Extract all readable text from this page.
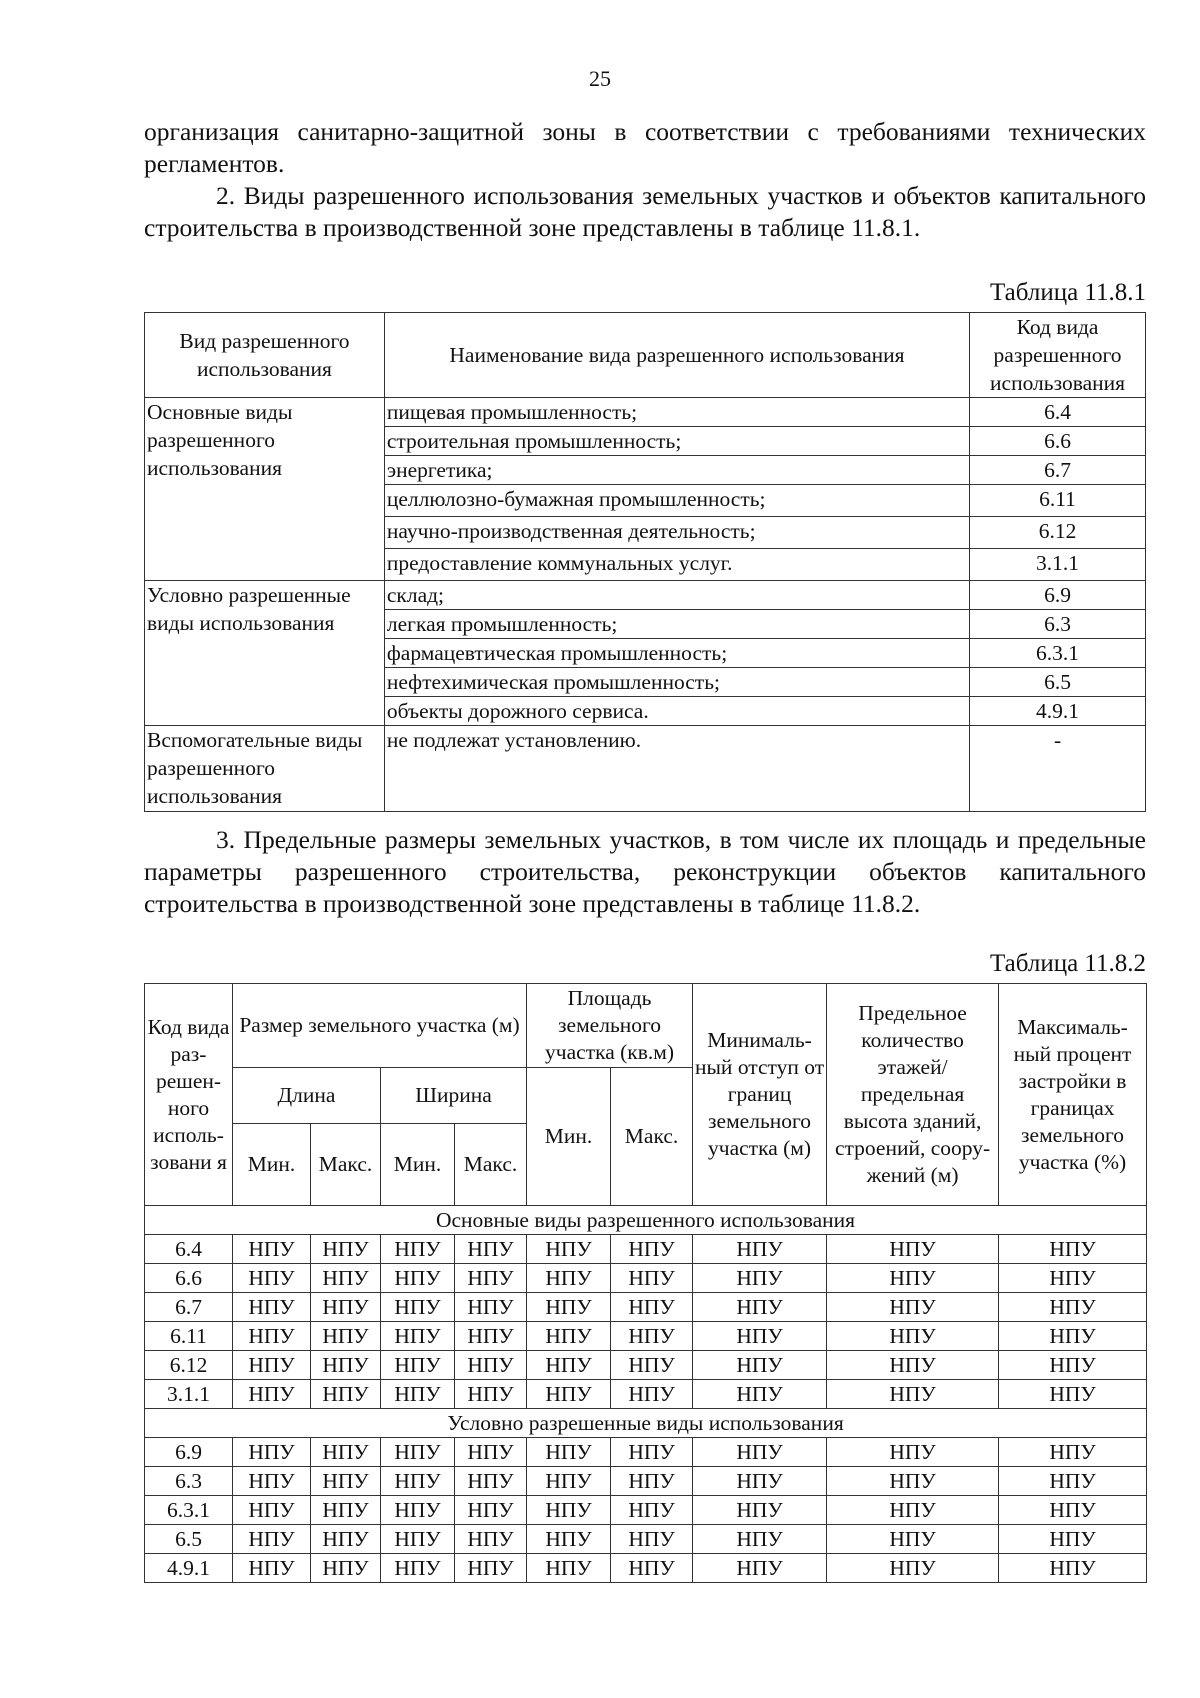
25
организация санитарно-защитной зоны в соответствии с требованиями технических регламентов.
2. Виды разрешенного использования земельных участков и объектов капитального строительства в производственной зоне представлены в таблице 11.8.1.
Таблица 11.8.1
Вид разрешенного использования	Наименование вида разрешенного использования	Код вида разрешенного использования
Основные виды разрешенного использования	пищевая промышленность;	6.4
	строительная промышленность;	6.6
	энергетика;	6.7
	целлюлозно-бумажная промышленность;	6.11
	научно-производственная деятельность;	6.12
	предоставление коммунальных услуг.	3.1.1
Условно разрешенные виды использования	склад;	6.9
	легкая промышленность;	6.3
	фармацевтическая промышленность;	6.3.1
	нефтехимическая промышленность;	6.5
	объекты дорожного сервиса.	4.9.1
Вспомогательные виды разрешенного использования	не подлежат установлению.	-
3. Предельные размеры земельных участков, в том числе их площадь и предельные параметры разрешенного строительства, реконструкции объектов капитального строительства в производственной зоне представлены в таблице 11.8.2.
Таблица 11.8.2
Код вида раз-решен-ного исполь-зовани я	Размер земельного участка (м)				Площадь земельного участка (кв.м)		Минималь-ный отступ от границ земельного участка (м)	Предельное количество этажей/ предельная высота зданий, строений, соору-жений (м)	Максималь-ный процент застройки в границах земельного участка (%)
	Длина		Ширина		Мин.	Макс.			
	Мин.	Макс.	Мин.	Макс.					
Основные виды разрешенного использования									
6.4	НПУ	НПУ	НПУ	НПУ	НПУ	НПУ	НПУ	НПУ	НПУ
6.6	НПУ	НПУ	НПУ	НПУ	НПУ	НПУ	НПУ	НПУ	НПУ
6.7	НПУ	НПУ	НПУ	НПУ	НПУ	НПУ	НПУ	НПУ	НПУ
6.11	НПУ	НПУ	НПУ	НПУ	НПУ	НПУ	НПУ	НПУ	НПУ
6.12	НПУ	НПУ	НПУ	НПУ	НПУ	НПУ	НПУ	НПУ	НПУ
3.1.1	НПУ	НПУ	НПУ	НПУ	НПУ	НПУ	НПУ	НПУ	НПУ
Условно разрешенные виды использования									
6.9	НПУ	НПУ	НПУ	НПУ	НПУ	НПУ	НПУ	НПУ	НПУ
6.3	НПУ	НПУ	НПУ	НПУ	НПУ	НПУ	НПУ	НПУ	НПУ
6.3.1	НПУ	НПУ	НПУ	НПУ	НПУ	НПУ	НПУ	НПУ	НПУ
6.5	НПУ	НПУ	НПУ	НПУ	НПУ	НПУ	НПУ	НПУ	НПУ
4.9.1	НПУ	НПУ	НПУ	НПУ	НПУ	НПУ	НПУ	НПУ	НПУ
